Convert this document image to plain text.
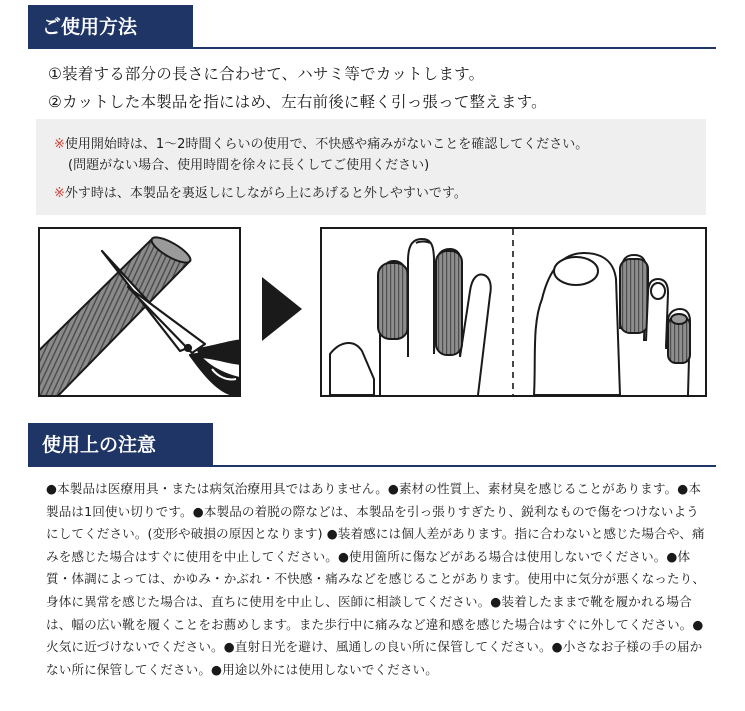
ご使用方法
①装着する部分の長さに合わせて、ハサミ等でカットします。
②カットした本製品を指にはめ、左右前後に軽く引っ張って整えます。
※使用開始時は、1〜2時間くらいの使用で、不快感や痛みがないことを確認してください。
(問題がない場合、使用時間を徐々に長くしてご使用ください)
※外す時は、本製品を裏返しにしながら上にあげると外しやすいです。
使用上の注意
●本製品は医療用具・または病気治療用具ではありません。●素材の性質上、素材臭を感じることがあります。●本製品は1回使い切りです。●本製品の着脱の際などは、本製品を引っ張りすぎたり、鋭利なもので傷をつけないようにしてください。(変形や破損の原因となります) ●装着感には個人差があります。指に合わないと感じた場合や、痛みを感じた場合はすぐに使用を中止してください。●使用箇所に傷などがある場合は使用しないでください。●体質・体調によっては、かゆみ・かぶれ・不快感・痛みなどを感じることがあります。使用中に気分が悪くなったり、身体に異常を感じた場合は、直ちに使用を中止し、医師に相談してください。●装着したままで靴を履かれる場合は、幅の広い靴を履くことをお薦めします。また歩行中に痛みなど違和感を感じた場合はすぐに外してください。●火気に近づけないでください。●直射日光を避け、風通しの良い所に保管してください。●小さなお子様の手の届かない所に保管してください。●用途以外には使用しないでください。
